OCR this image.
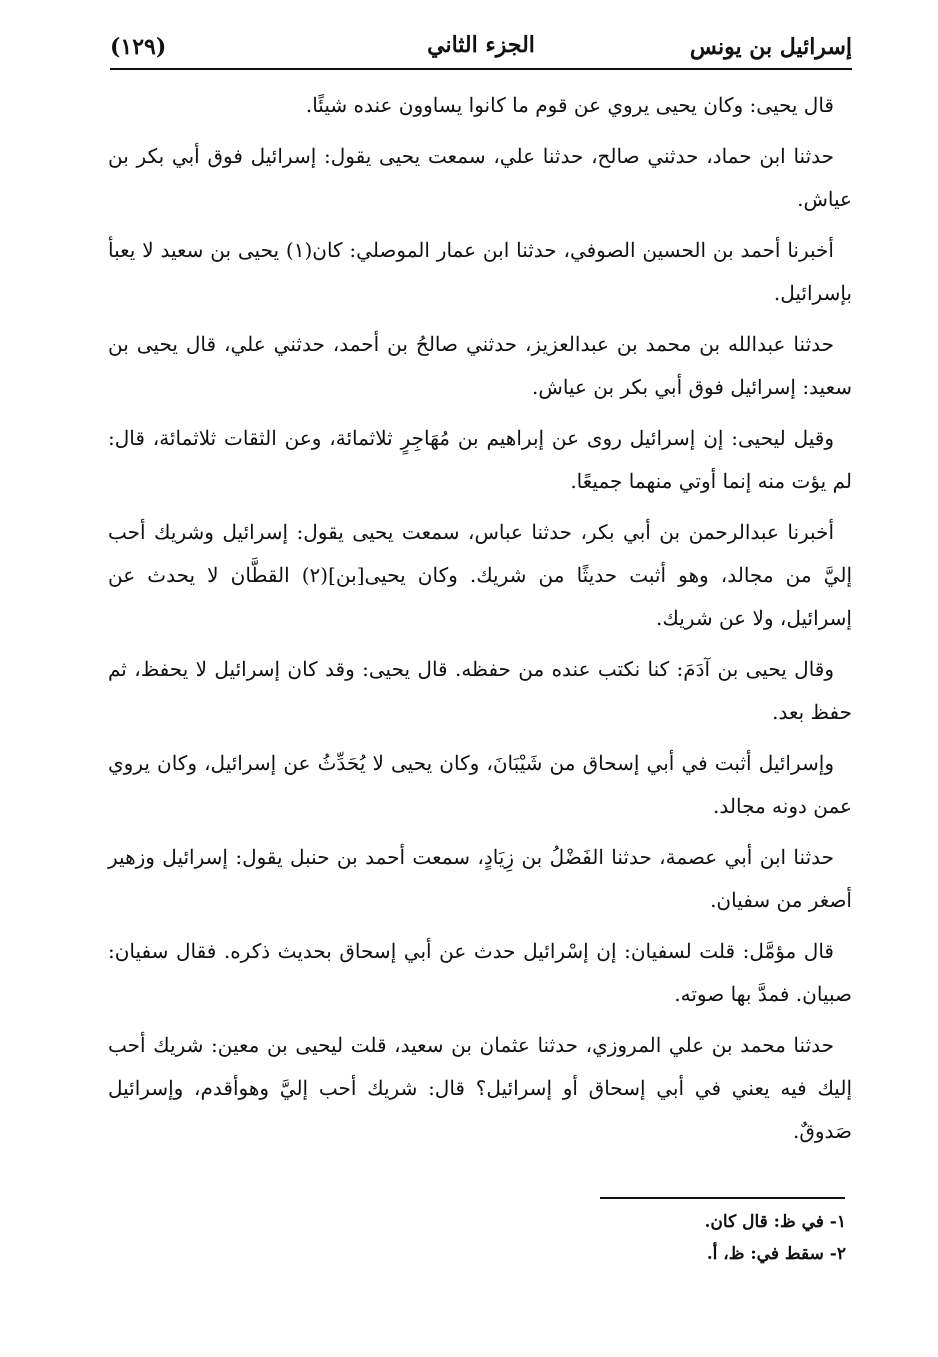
إسرائيل بن يونس
الجزء الثاني
(١٢٩)

قال يحيى: وكان يحيى يروي عن قوم ما كانوا يساوون عنده شيئًا.

حدثنا ابن حماد، حدثني صالح، حدثنا علي، سمعت يحيى يقول: إسرائيل فوق أبي بكر بن عياش.

أخبرنا أحمد بن الحسين الصوفي، حدثنا ابن عمار الموصلي: كان(١) يحيى بن سعيد لا يعبأ بإسرائيل.

حدثنا عبدالله بن محمد بن عبدالعزيز، حدثني صالحُ بن أحمد، حدثني علي، قال يحيى بن سعيد: إسرائيل فوق أبي بكر بن عياش.

وقيل ليحيى: إن إسرائيل روى عن إبراهيم بن مُهَاجِرٍ ثلاثمائة، وعن الثقات ثلاثمائة، قال: لم يؤت منه إنما أوتي منهما جميعًا.

أخبرنا عبدالرحمن بن أبي بكر، حدثنا عباس، سمعت يحيى يقول: إسرائيل وشريك أحب إليَّ من مجالد، وهو أثبت حديثًا من شريك. وكان يحيى[بن](٢) القطَّان لا يحدث عن إسرائيل، ولا عن شريك.

وقال يحيى بن آدَمَ: كنا نكتب عنده من حفظه. قال يحيى: وقد كان إسرائيل لا يحفظ، ثم حفظ بعد.

وإسرائيل أثبت في أبي إسحاق من شَيْبَانَ، وكان يحيى لا يُحَدِّثُ عن إسرائيل، وكان يروي عمن دونه مجالد.

حدثنا ابن أبي عصمة، حدثنا الفَضْلُ بن زِيَادٍ، سمعت أحمد بن حنبل يقول: إسرائيل وزهير أصغر من سفيان.

قال مؤمَّل: قلت لسفيان: إن إسْرائيل حدث عن أبي إسحاق بحديث ذكره. فقال سفيان: صبيان. فمدَّ بها صوته.

حدثنا محمد بن علي المروزي، حدثنا عثمان بن سعيد، قلت ليحيى بن معين: شريك أحب إليك فيه يعني في أبي إسحاق أو إسرائيل؟ قال: شريك أحب إليَّ وهوأقدم، وإسرائيل صَدوقٌ.

١- في ظ: قال كان.

٢- سقط في: ظ، أ.
